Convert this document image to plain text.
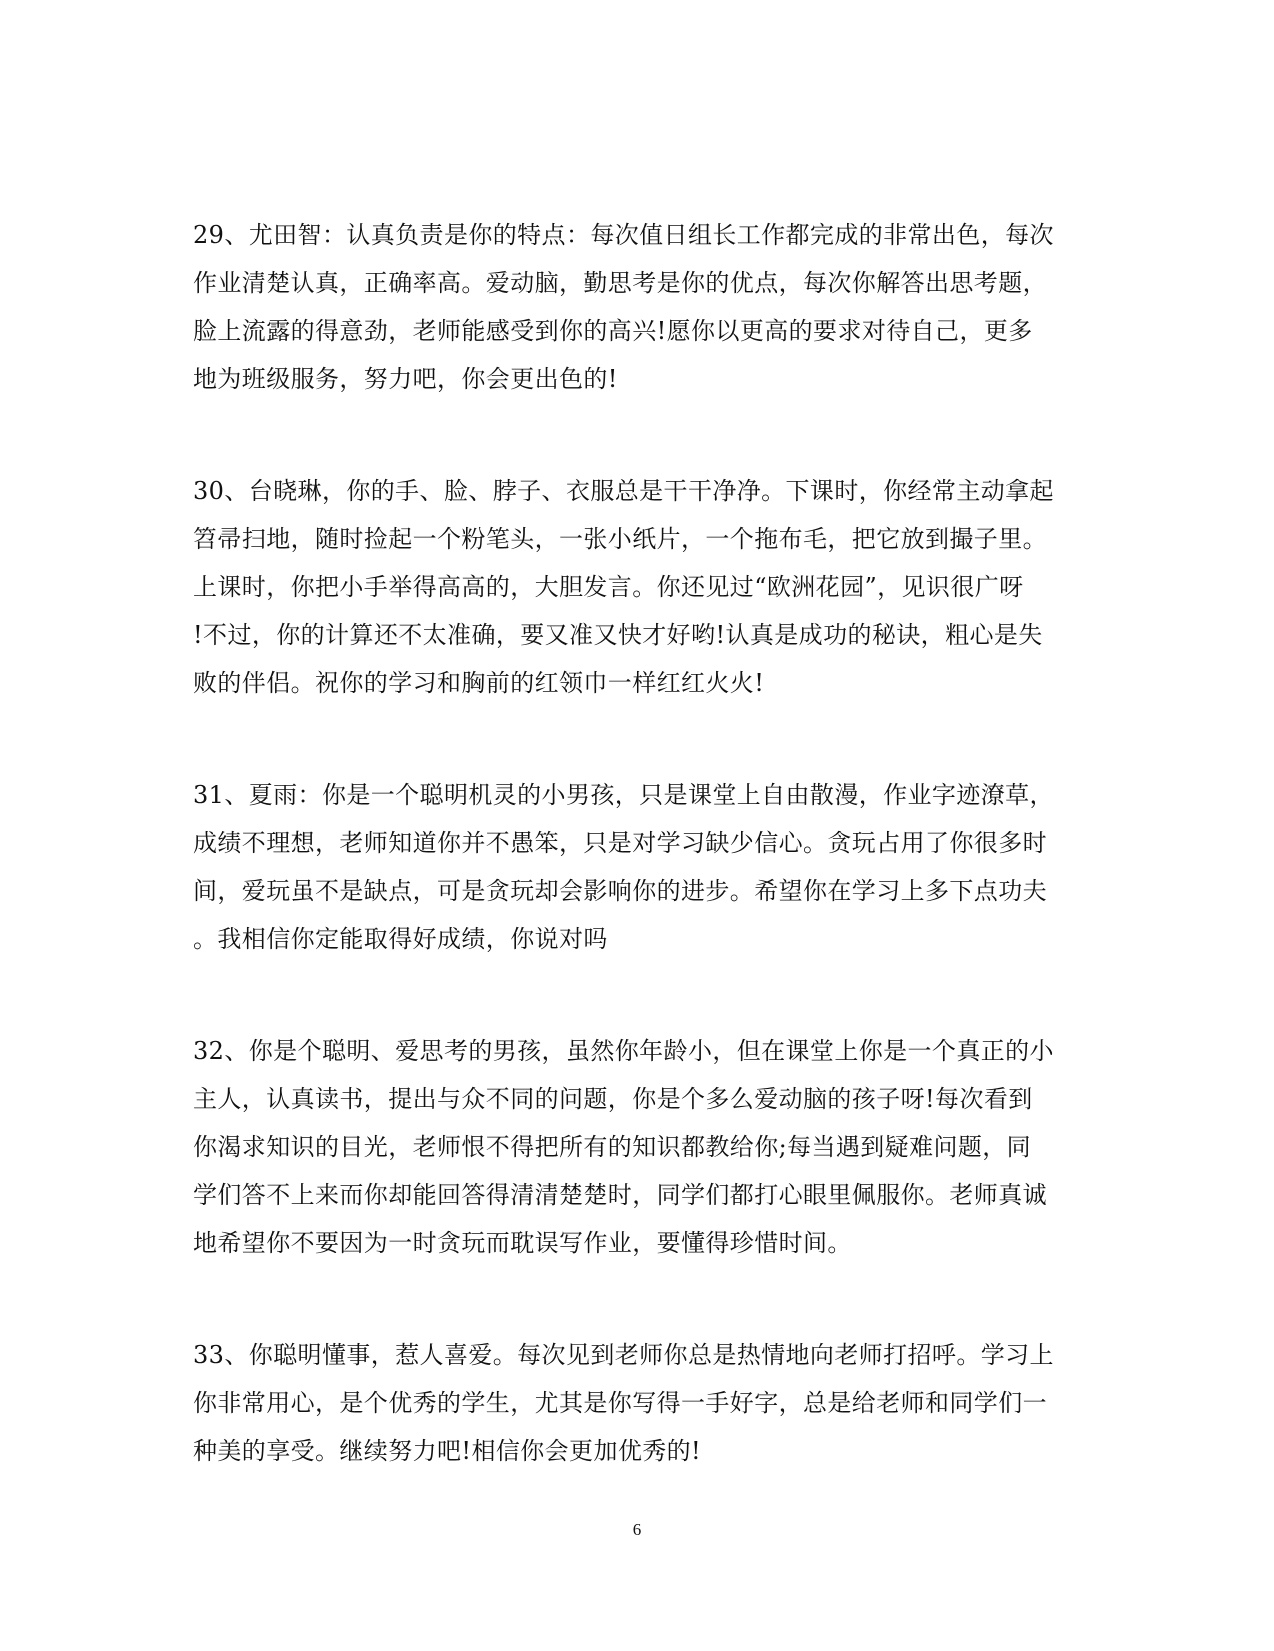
29、尤田智：认真负责是你的特点：每次值日组长工作都完成的非常出色，每次
作业清楚认真，正确率高。爱动脑，勤思考是你的优点，每次你解答出思考题，
脸上流露的得意劲，老师能感受到你的高兴!愿你以更高的要求对待自己，更多
地为班级服务，努力吧，你会更出色的!

30、台晓琳，你的手、脸、脖子、衣服总是干干净净。下课时，你经常主动拿起
笤帚扫地，随时捡起一个粉笔头，一张小纸片，一个拖布毛，把它放到撮子里。
上课时，你把小手举得高高的，大胆发言。你还见过“欧洲花园”，见识很广呀
!不过，你的计算还不太准确，要又准又快才好哟!认真是成功的秘诀，粗心是失
败的伴侣。祝你的学习和胸前的红领巾一样红红火火!

31、夏雨：你是一个聪明机灵的小男孩，只是课堂上自由散漫，作业字迹潦草，
成绩不理想，老师知道你并不愚笨，只是对学习缺少信心。贪玩占用了你很多时
间，爱玩虽不是缺点，可是贪玩却会影响你的进步。希望你在学习上多下点功夫
。我相信你定能取得好成绩，你说对吗

32、你是个聪明、爱思考的男孩，虽然你年龄小，但在课堂上你是一个真正的小
主人，认真读书，提出与众不同的问题，你是个多么爱动脑的孩子呀!每次看到
你渴求知识的目光，老师恨不得把所有的知识都教给你;每当遇到疑难问题，同
学们答不上来而你却能回答得清清楚楚时，同学们都打心眼里佩服你。老师真诚
地希望你不要因为一时贪玩而耽误写作业，要懂得珍惜时间。

33、你聪明懂事，惹人喜爱。每次见到老师你总是热情地向老师打招呼。学习上
你非常用心，是个优秀的学生，尤其是你写得一手好字，总是给老师和同学们一
种美的享受。继续努力吧!相信你会更加优秀的!

6
